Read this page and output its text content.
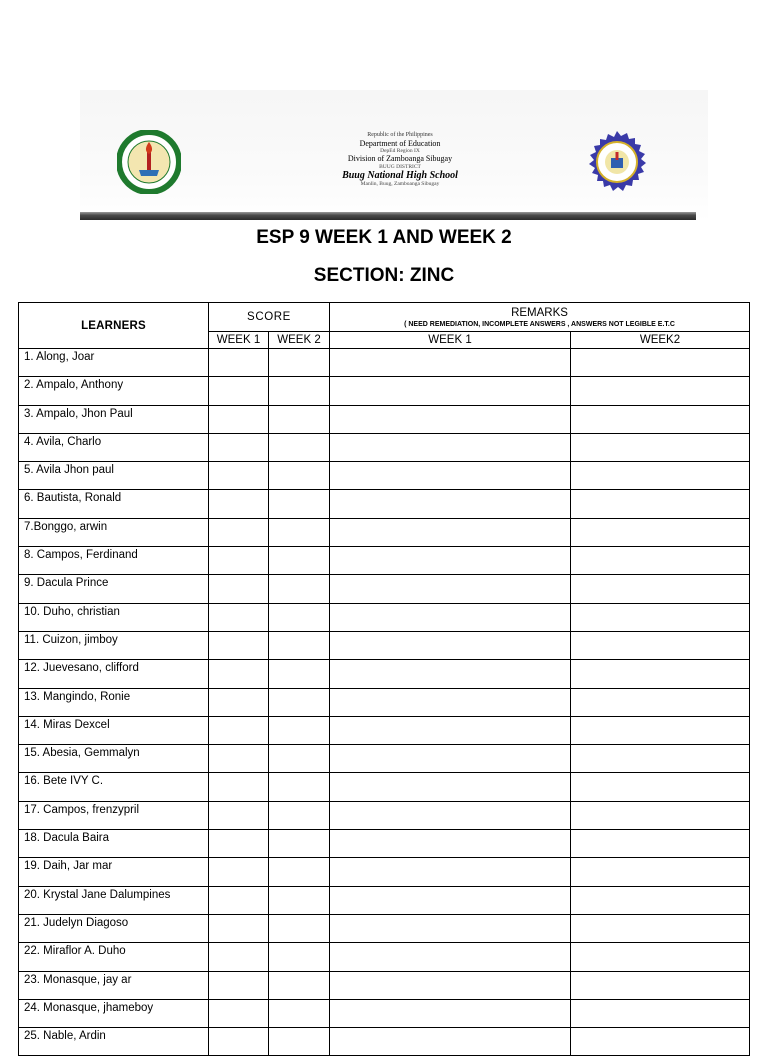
Republic of the Philippines
Department of Education
DepEd Region IX
Division of Zamboanga Sibugay
BUUG DISTRICT
Buug National High School
Manlin, Buug, Zamboanga Sibugay
ESP 9 WEEK 1 AND WEEK 2
SECTION: ZINC
LEARNERS	SCORE		REMARKS
( NEED REMEDIATION, INCOMPLETE ANSWERS , ANSWERS NOT LEGIBLE E.T.C	

	WEEK 1	WEEK 2	WEEK 1	WEEK2
1. Along, Joar				
2. Ampalo, Anthony				
3. Ampalo, Jhon Paul				
4. Avila, Charlo				
5. Avila Jhon paul				
6. Bautista, Ronald				
7.Bonggo, arwin				
8. Campos, Ferdinand				
9. Dacula Prince				
10. Duho, christian				
11. Cuizon, jimboy				
12. Juevesano, clifford				
13. Mangindo, Ronie				
14. Miras Dexcel				
15. Abesia, Gemmalyn				
16. Bete IVY C.				
17. Campos, frenzypril				
18. Dacula Baira				
19. Daih, Jar mar				
20. Krystal Jane Dalumpines				
21. Judelyn Diagoso				
22. Miraflor A. Duho				
23. Monasque, jay ar				
24. Monasque, jhameboy				
25. Nable, Ardin				
